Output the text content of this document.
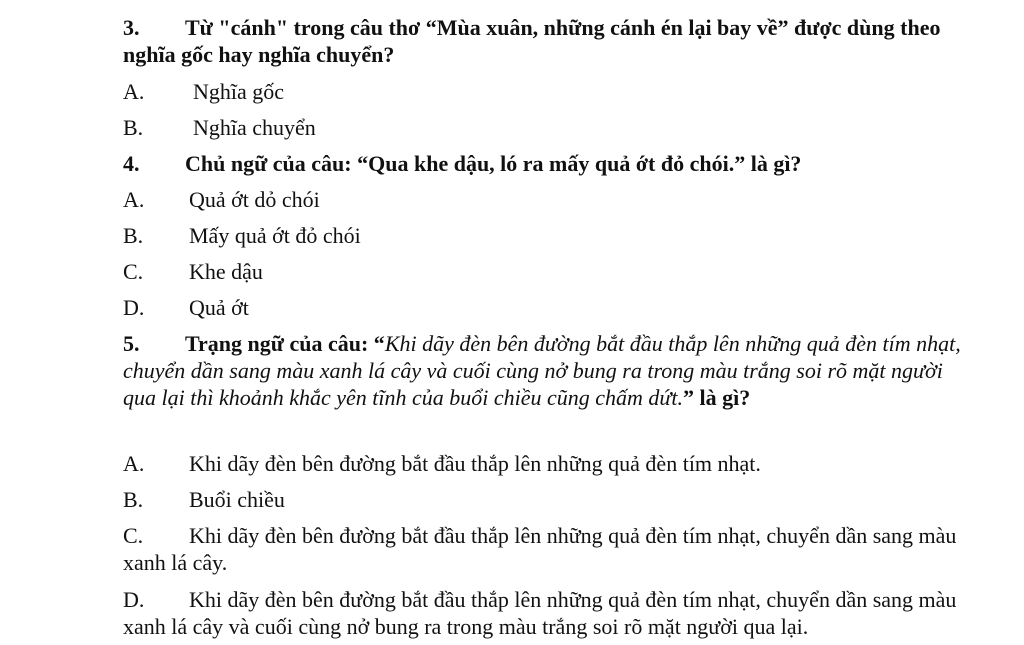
3. Từ "cánh" trong câu thơ “Mùa xuân, những cánh én lại bay về” được dùng theo nghĩa gốc hay nghĩa chuyển?
A. Nghĩa gốc
B. Nghĩa chuyển
4. Chủ ngữ của câu: “Qua khe dậu, ló ra mấy quả ớt đỏ chói.” là gì?
A. Quả ớt dỏ chói
B. Mấy quả ớt đỏ chói
C. Khe dậu
D. Quả ớt
5. Trạng ngữ của câu: “Khi dãy đèn bên đường bắt đầu thắp lên những quả đèn tím nhạt, chuyển dần sang màu xanh lá cây và cuối cùng nở bung ra trong màu trắng soi rõ mặt người qua lại thì khoảnh khắc yên tĩnh của buổi chiều cũng chấm dứt.” là gì?
A. Khi dãy đèn bên đường bắt đầu thắp lên những quả đèn tím nhạt.
B. Buổi chiều
C. Khi dãy đèn bên đường bắt đầu thắp lên những quả đèn tím nhạt, chuyển dần sang màu xanh lá cây.
D. Khi dãy đèn bên đường bắt đầu thắp lên những quả đèn tím nhạt, chuyển dần sang màu xanh lá cây và cuối cùng nở bung ra trong màu trắng soi rõ mặt người qua lại.
